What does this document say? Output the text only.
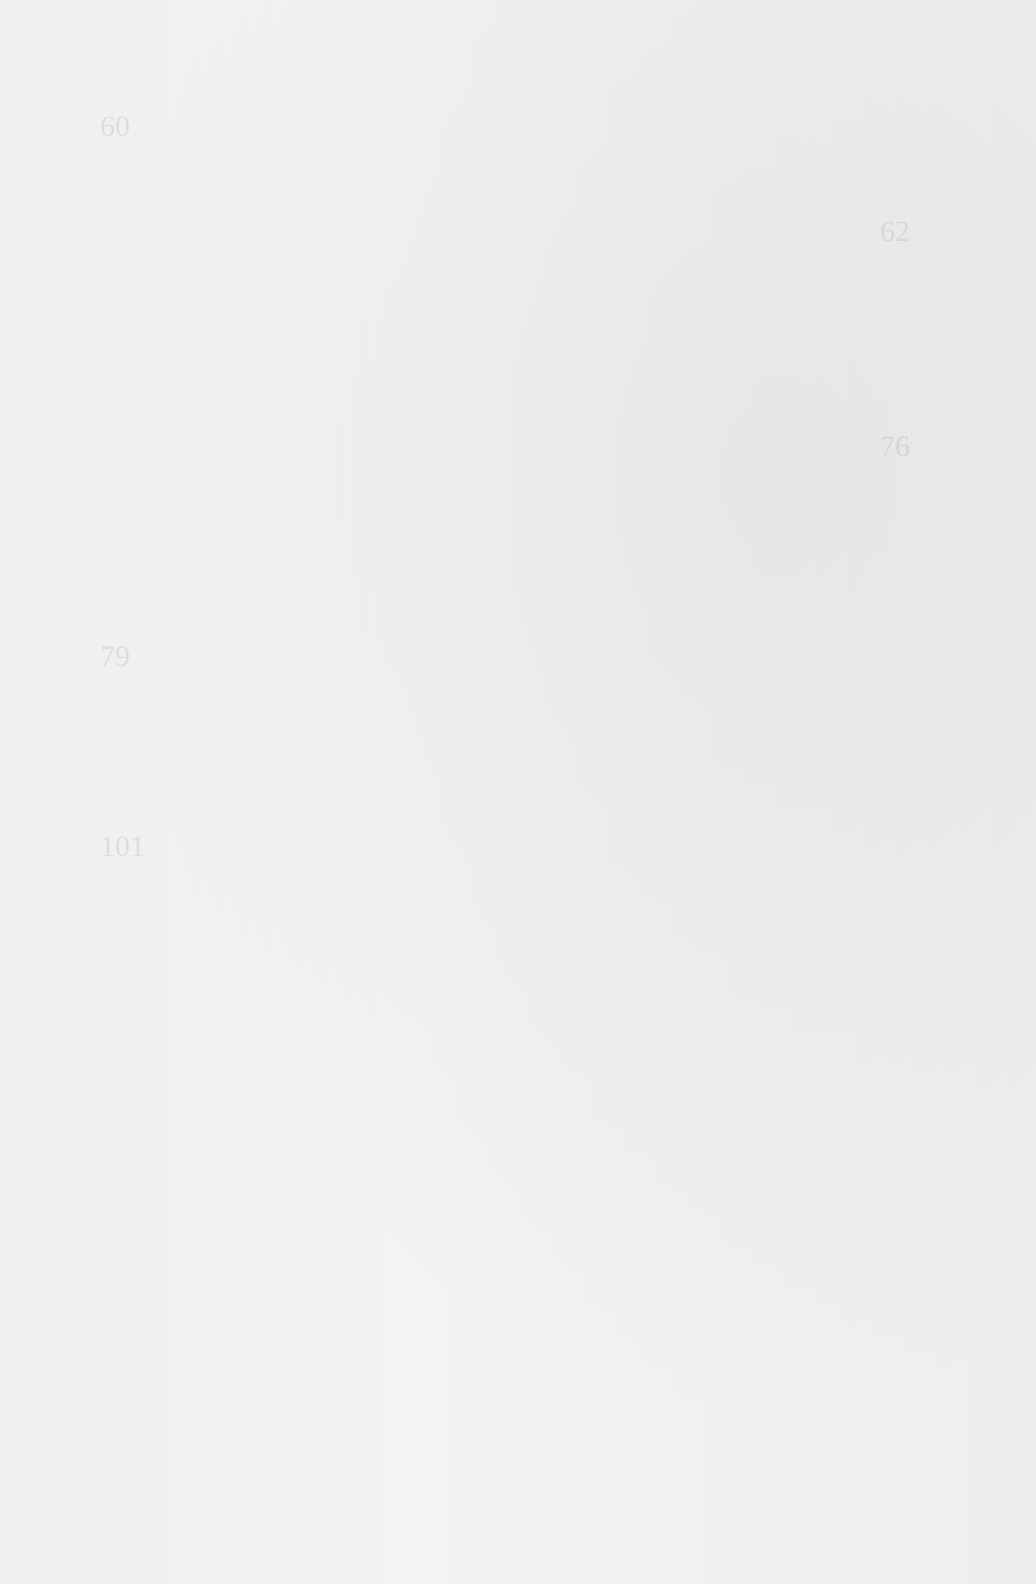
60
62
76
79
101
